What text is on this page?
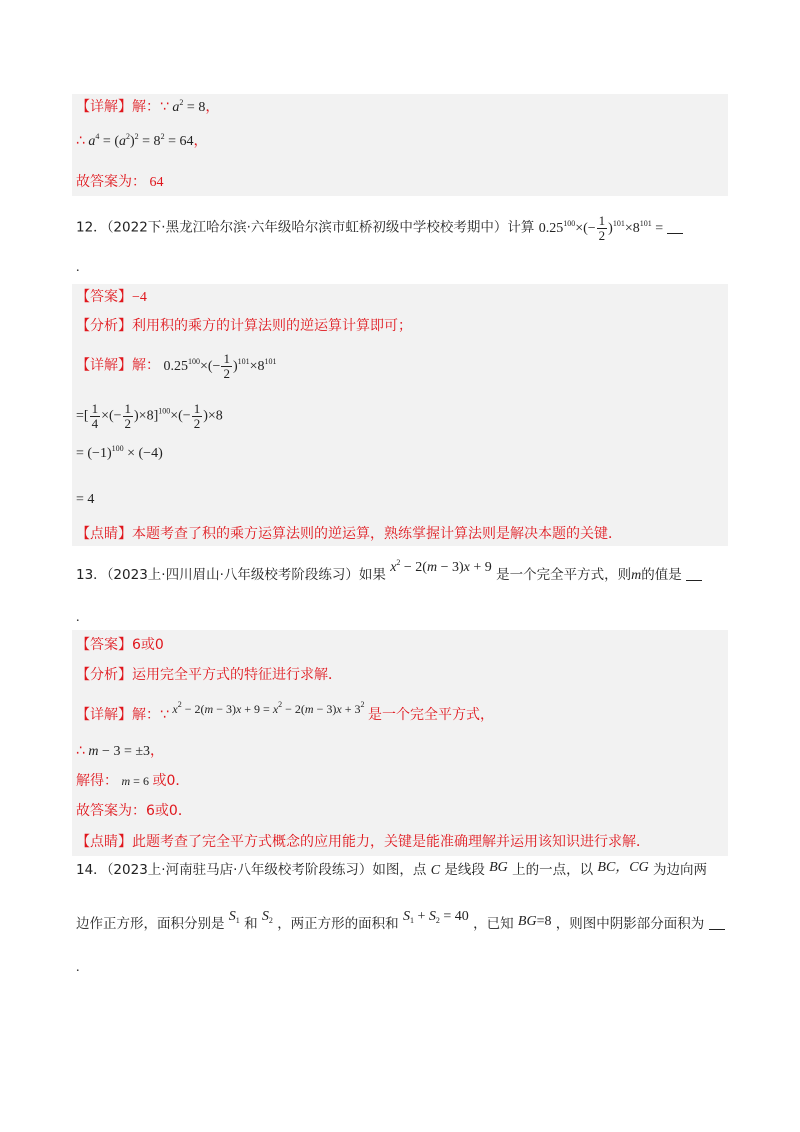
【详解】解：∵ $a^2 = 8$，
∴ $a^4 = (a^2)^2 = 8^2 = 64$，
故答案为： 64
12．（2022下·黑龙江哈尔滨·六年级哈尔滨市虹桥初级中学校校考期中）计算 $0.25^{100}\times(- \frac{1}{2} )^{101}\times 8^{101}$ =
.
【答案】−4
【分析】利用积的乘方的计算法则的逆运算计算即可；
【详解】解： $0.25^{100}\times(- \frac{1}{2} )^{101}\times 8^{101}$
=[ $\frac{1}{4}$ ×(− $\frac{1}{2} )\times 8]^{100}\times(- \frac{1}{2} )\times 8$
= $(-1)^{100} \times (-4)$
= 4
【点睛】本题考查了积的乘方运算法则的逆运算，熟练掌握计算法则是解决本题的关键．
13．（2023上·四川眉山·八年级校考阶段练习）如果 $x^2 - 2(m - 3)x + 9$ 是一个完全平方式，则m的值是
.
【答案】6或0
【分析】运用完全平方式的特征进行求解．
【详解】解：∵ $x^2 - 2(m - 3)x + 9 = x^2 - 2(m - 3)x + 3^2$ 是一个完全平方式，
∴ m − 3 = ±3，
解得： m = 6 或0．
故答案为：6或0．
【点睛】此题考查了完全平方式概念的应用能力，关键是能准确理解并运用该知识进行求解．
14．（2023上·河南驻马店·八年级校考阶段练习）如图，点 C 是线段 BG 上的一点，以 BC，CG 为边向两
边作正方形，面积分别是 $S_1$ 和 $S_2$ ，两正方形的面积和 $S_1 + S_2 = 40$ ，已知 BG=8 ，则图中阴影部分面积为
.
